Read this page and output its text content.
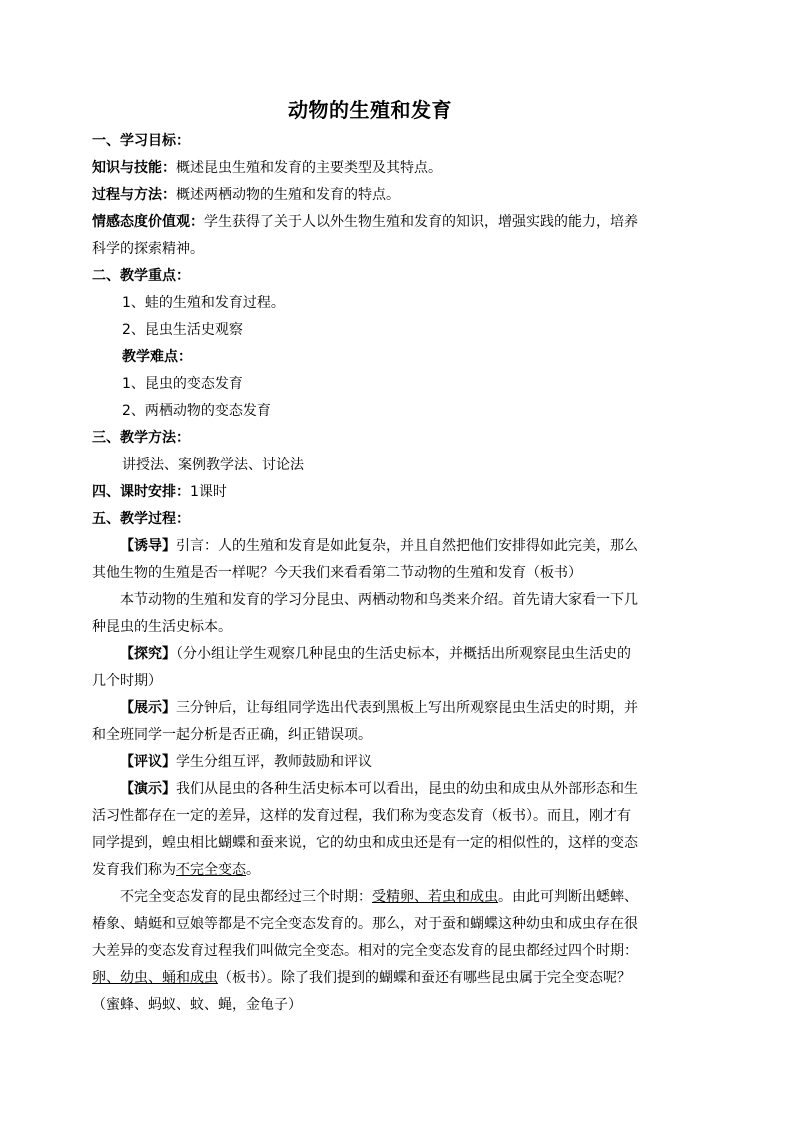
动物的生殖和发育
一、学习目标：
知识与技能：概述昆虫生殖和发育的主要类型及其特点。
过程与方法：概述两栖动物的生殖和发育的特点。
情感态度价值观：学生获得了关于人以外生物生殖和发育的知识，增强实践的能力，培养
科学的探索精神。
二、教学重点：
1、蛙的生殖和发育过程。
2、昆虫生活史观察
教学难点：
1、昆虫的变态发育
2、两栖动物的变态发育
三、教学方法：
讲授法、案例教学法、讨论法
四、课时安排：1课时
五、教学过程：
【诱导】引言：人的生殖和发育是如此复杂，并且自然把他们安排得如此完美，那么
其他生物的生殖是否一样呢？今天我们来看看第二节动物的生殖和发育（板书）
本节动物的生殖和发育的学习分昆虫、两栖动物和鸟类来介绍。首先请大家看一下几
种昆虫的生活史标本。
【探究】（分小组让学生观察几种昆虫的生活史标本，并概括出所观察昆虫生活史的
几个时期）
【展示】三分钟后，让每组同学选出代表到黑板上写出所观察昆虫生活史的时期，并
和全班同学一起分析是否正确，纠正错误项。
【评议】学生分组互评，教师鼓励和评议
【演示】我们从昆虫的各种生活史标本可以看出，昆虫的幼虫和成虫从外部形态和生
活习性都存在一定的差异，这样的发育过程，我们称为变态发育（板书）。而且，刚才有
同学提到，蝗虫相比蝴蝶和蚕来说，它的幼虫和成虫还是有一定的相似性的，这样的变态
发育我们称为不完全变态。
不完全变态发育的昆虫都经过三个时期：受精卵、若虫和成虫。由此可判断出蟋蟀、
椿象、蜻蜓和豆娘等都是不完全变态发育的。那么，对于蚕和蝴蝶这种幼虫和成虫存在很
大差异的变态发育过程我们叫做完全变态。相对的完全变态发育的昆虫都经过四个时期：
卵、幼虫、蛹和成虫（板书）。除了我们提到的蝴蝶和蚕还有哪些昆虫属于完全变态呢？
（蜜蜂、蚂蚁、蚊、蝇，金龟子）
